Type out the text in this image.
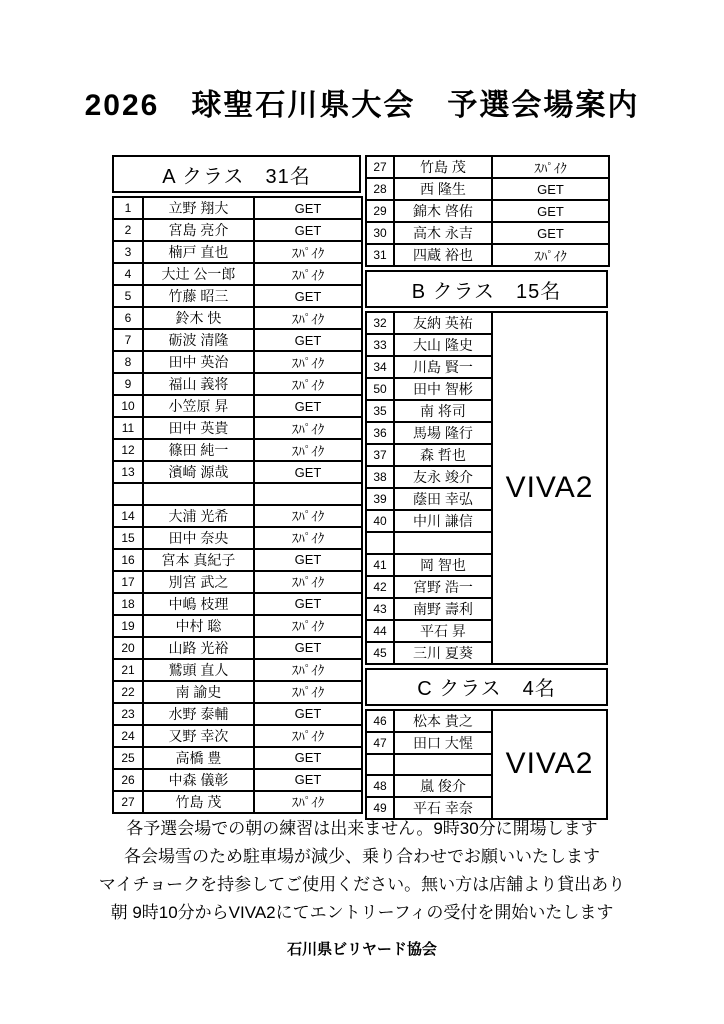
2026　球聖石川県大会　予選会場案内
A クラス　31名
1	立野 翔大	GET
2	宮島 亮介	GET
3	楠戸 直也	ｽﾊﾟｲｸ
4	大辻 公一郎	ｽﾊﾟｲｸ
5	竹藤 昭三	GET
6	鈴木 快	ｽﾊﾟｲｸ
7	砺波 清隆	GET
8	田中 英治	ｽﾊﾟｲｸ
9	福山 義将	ｽﾊﾟｲｸ
10	小笠原 昇	GET
11	田中 英貴	ｽﾊﾟｲｸ
12	篠田 純一	ｽﾊﾟｲｸ
13	濱崎 源哉	GET

14	大浦 光希	ｽﾊﾟｲｸ
15	田中 奈央	ｽﾊﾟｲｸ
16	宮本 真紀子	GET
17	別宮 武之	ｽﾊﾟｲｸ
18	中嶋 枝理	GET
19	中村 聡	ｽﾊﾟｲｸ
20	山路 光裕	GET
21	鷲頭 直人	ｽﾊﾟｲｸ
22	南 諭史	ｽﾊﾟｲｸ
23	水野 泰輔	GET
24	又野 幸次	ｽﾊﾟｲｸ
25	高橋 豊	GET
26	中森 儀彰	GET
27	竹島 茂	ｽﾊﾟｲｸ
27	竹島 茂	ｽﾊﾟｲｸ
28	西 隆生	GET
29	錦木 啓佑	GET
30	高木 永吉	GET
31	四蔵 裕也	ｽﾊﾟｲｸ
B クラス　15名
32	友納 英祐
33	大山 隆史
34	川島 賢一
50	田中 智彬
35	南 将司
36	馬場 隆行
37	森 哲也
38	友永 竣介
39	蔭田 幸弘
40	中川 謙信

41	岡 智也
42	宮野 浩一
43	南野 壽利
44	平石 昇
45	三川 夏葵
VIVA2
C クラス　4名
46	松本 貴之
47	田口 大惺

48	嵐 俊介
49	平石 幸奈
VIVA2
各予選会場での朝の練習は出来ません。9時30分に開場します
各会場雪のため駐車場が減少、乗り合わせでお願いいたします
マイチョークを持参してご使用ください。無い方は店舗より貸出あり
朝 9時10分からVIVA2にてエントリーフィの受付を開始いたします
石川県ビリヤード協会
